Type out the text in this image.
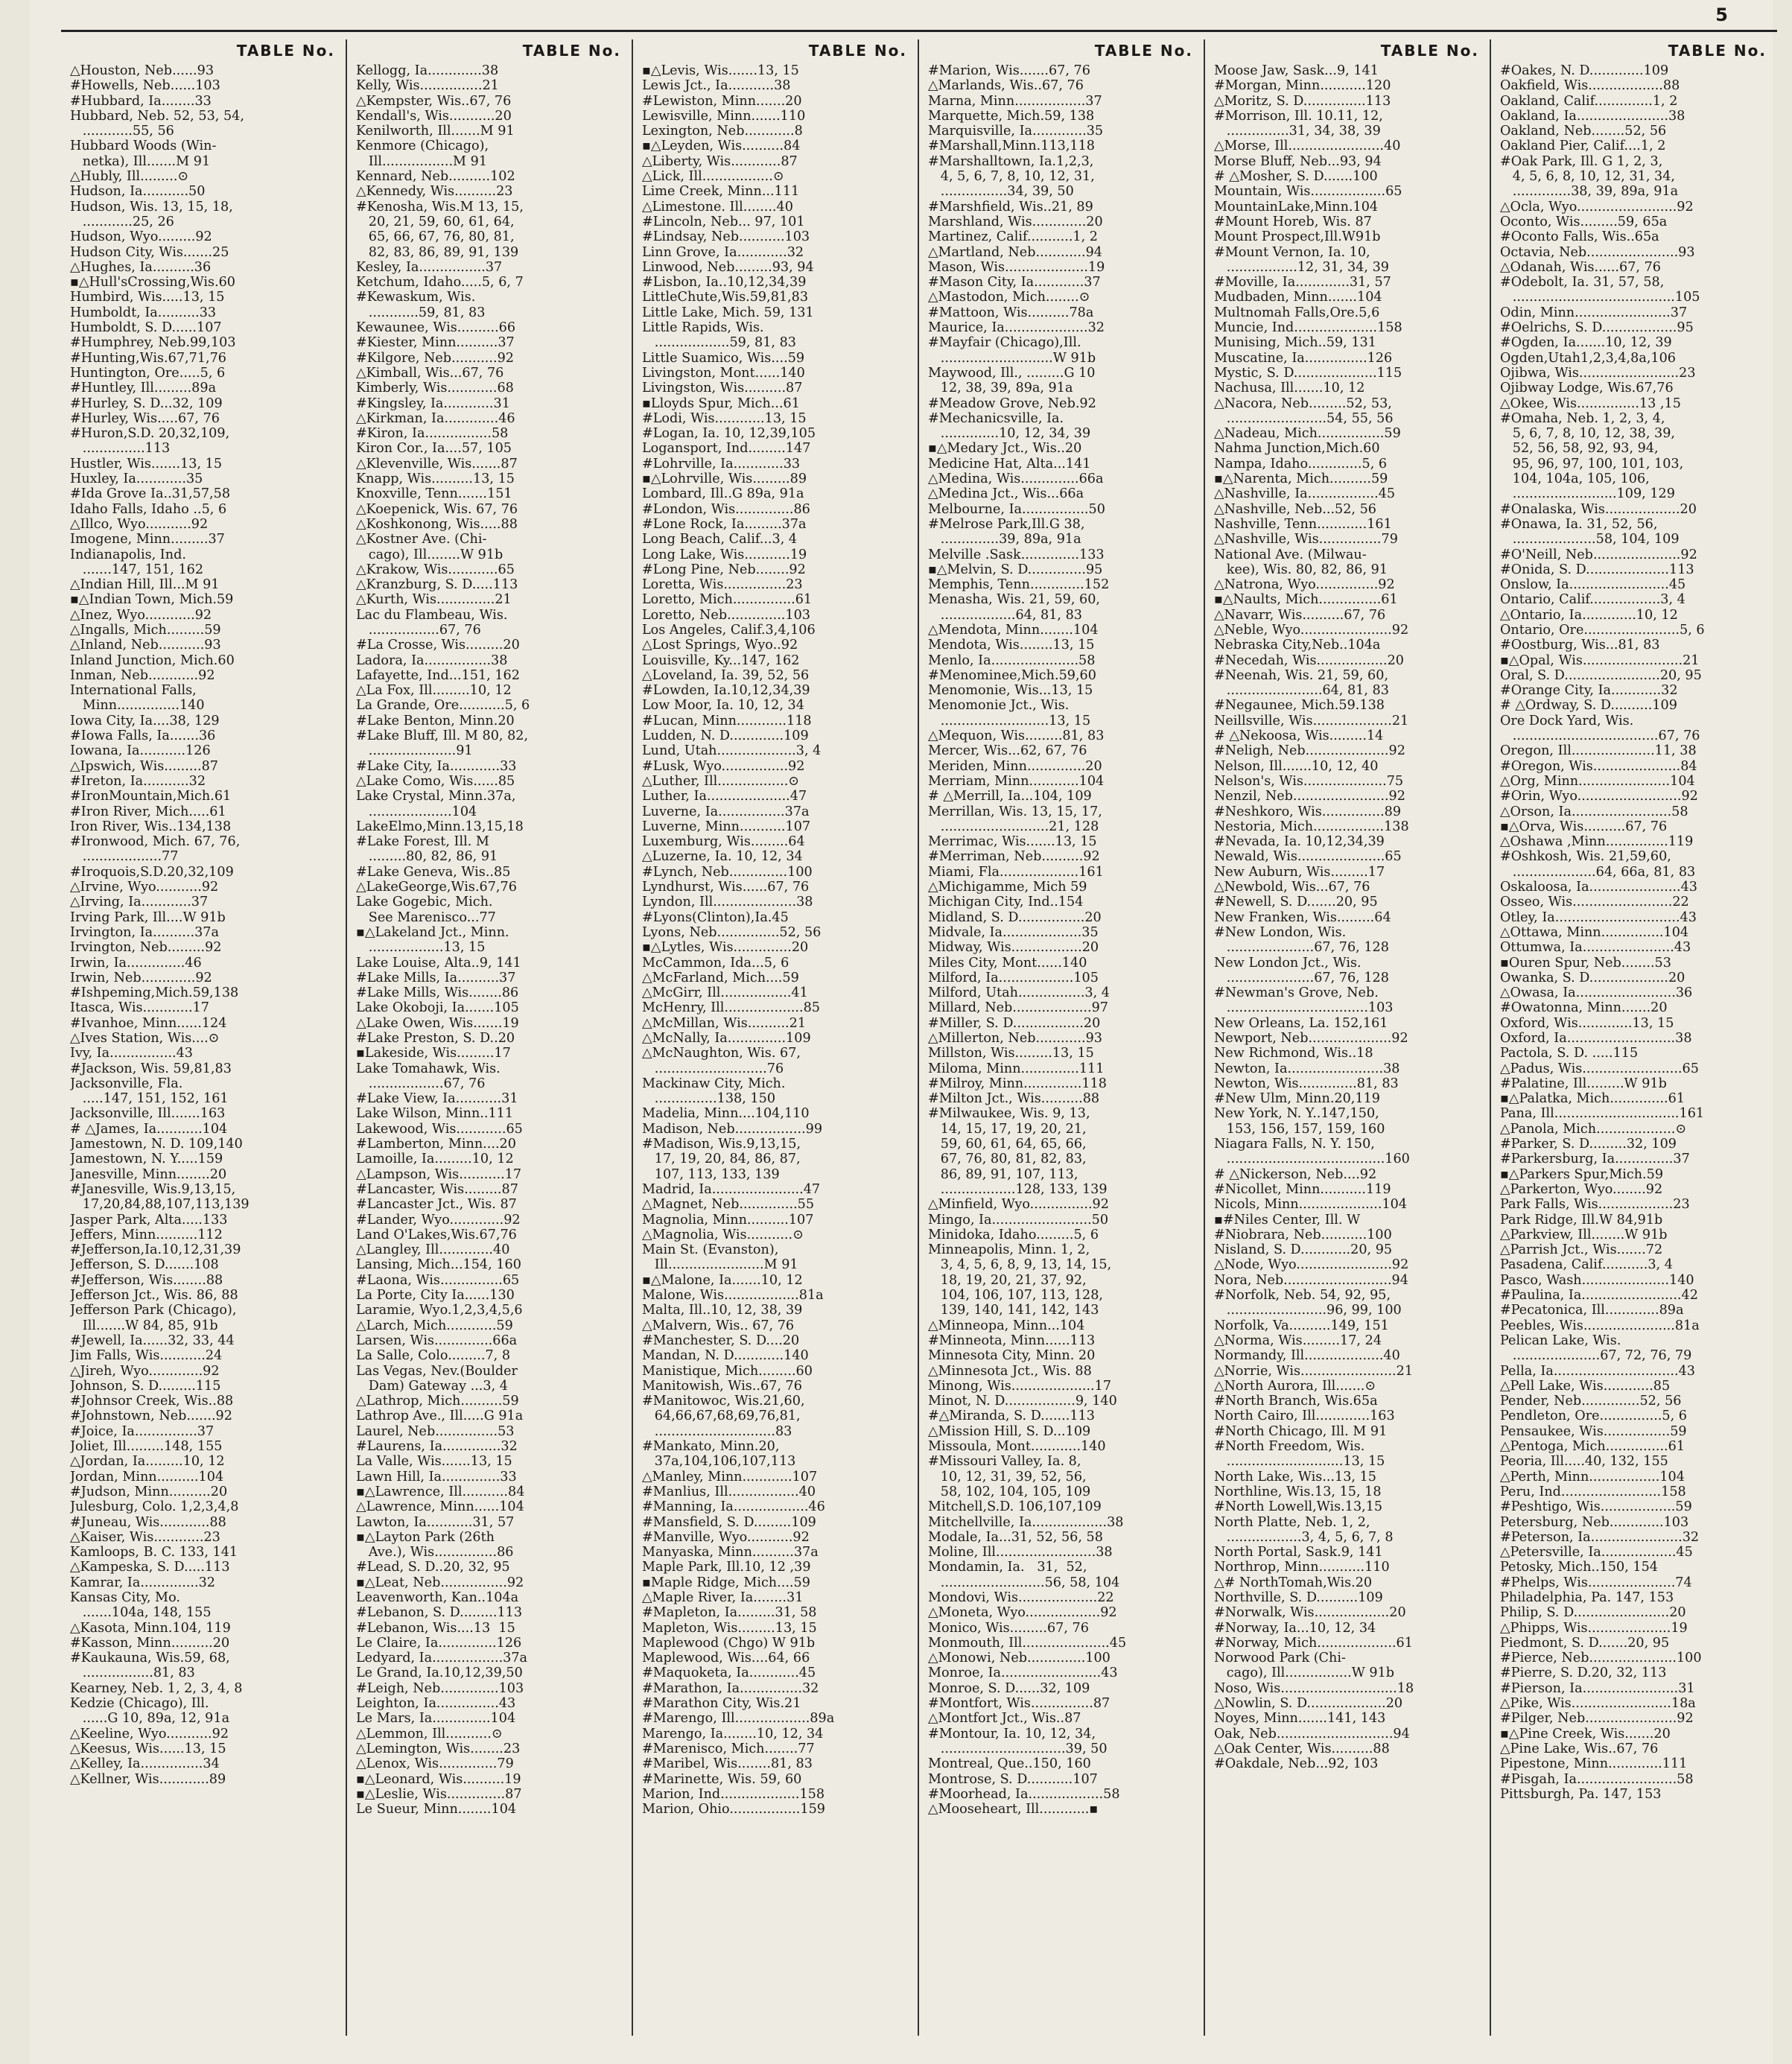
5
TABLE No.
△Houston, Neb......93
#Howells, Neb......103
#Hubbard, Ia........33
Hubbard, Neb. 52, 53, 54,
............55, 56
Hubbard Woods (Win-
netka), Ill.......M 91
△Hubly, Ill.........⊙
Hudson, Ia...........50
Hudson, Wis. 13, 15, 18,
............25, 26
Hudson, Wyo.........92
Hudson City, Wis.......25
△Hughes, Ia..........36
▪△Hull'sCrossing,Wis.60
Humbird, Wis.....13, 15
Humboldt, Ia..........33
Humboldt, S. D......107
#Humphrey, Neb.99,103
#Hunting,Wis.67,71,76
Huntington, Ore.....5, 6
#Huntley, Ill.........89a
#Hurley, S. D...32, 109
#Hurley, Wis.....67, 76
#Huron,S.D. 20,32,109,
...............113
Hustler, Wis.......13, 15
Huxley, Ia............35
#Ida Grove Ia..31,57,58
Idaho Falls, Idaho ..5, 6
△Illco, Wyo...........92
Imogene, Minn.........37
Indianapolis, Ind.
.......147, 151, 162
△Indian Hill, Ill...M 91
▪△Indian Town, Mich.59
△Inez, Wyo............92
△Ingalls, Mich.........59
△Inland, Neb...........93
Inland Junction, Mich.60
Inman, Neb............92
International Falls,
Minn...............140
Iowa City, Ia....38, 129
#Iowa Falls, Ia.......36
Iowana, Ia...........126
△Ipswich, Wis.........87
#Ireton, Ia...........32
#IronMountain,Mich.61
#Iron River, Mich.....61
Iron River, Wis..134,138
#Ironwood, Mich. 67, 76,
...................77
#Iroquois,S.D.20,32,109
△Irvine, Wyo...........92
△Irving, Ia............37
Irving Park, Ill....W 91b
Irvington, Ia..........37a
Irvington, Neb.........92
Irwin, Ia..............46
Irwin, Neb.............92
#Ishpeming,Mich.59,138
Itasca, Wis............17
#Ivanhoe, Minn......124
△Ives Station, Wis....⊙
Ivy, Ia................43
#Jackson, Wis. 59,81,83
Jacksonville, Fla.
.....147, 151, 152, 161
Jacksonville, Ill.......163
# △James, Ia...........104
Jamestown, N. D. 109,140
Jamestown, N. Y.....159
Janesville, Minn........20
#Janesville, Wis.9,13,15,
17,20,84,88,107,113,139
Jasper Park, Alta.....133
Jeffers, Minn..........112
#Jefferson,Ia.10,12,31,39
Jefferson, S. D.......108
#Jefferson, Wis........88
Jefferson Jct., Wis. 86, 88
Jefferson Park (Chicago),
Ill.......W 84, 85, 91b
#Jewell, Ia......32, 33, 44
Jim Falls, Wis...........24
△Jireh, Wyo.............92
Johnson, S. D.........115
#Johnsor Creek, Wis..88
#Johnstown, Neb.......92
#Joice, Ia...............37
Joliet, Ill.........148, 155
△Jordan, Ia.........10, 12
Jordan, Minn..........104
#Judson, Minn..........20
Julesburg, Colo. 1,2,3,4,8
#Juneau, Wis............88
△Kaiser, Wis............23
Kamloops, B. C. 133, 141
△Kampeska, S. D.....113
Kamrar, Ia..............32
Kansas City, Mo.
.......104a, 148, 155
△Kasota, Minn.104, 119
#Kasson, Minn..........20
#Kaukauna, Wis.59, 68,
.................81, 83
Kearney, Neb. 1, 2, 3, 4, 8
Kedzie (Chicago), Ill.
......G 10, 89a, 12, 91a
△Keeline, Wyo...........92
△Keesus, Wis......13, 15
△Kelley, Ia...............34
△Kellner, Wis............89
TABLE No.
Kellogg, Ia.............38
Kelly, Wis...............21
△Kempster, Wis..67, 76
Kendall's, Wis...........20
Kenilworth, Ill.......M 91
Kenmore (Chicago),
Ill.................M 91
Kennard, Neb..........102
△Kennedy, Wis..........23
#Kenosha, Wis.M 13, 15,
20, 21, 59, 60, 61, 64,
65, 66, 67, 76, 80, 81,
82, 83, 86, 89, 91, 139
Kesley, Ia................37
Ketchum, Idaho.....5, 6, 7
#Kewaskum, Wis.
............59, 81, 83
Kewaunee, Wis..........66
#Kiester, Minn..........37
#Kilgore, Neb...........92
△Kimball, Wis...67, 76
Kimberly, Wis............68
#Kingsley, Ia............31
△Kirkman, Ia.............46
#Kiron, Ia................58
Kiron Cor., Ia....57, 105
△Klevenville, Wis.......87
Knapp, Wis..........13, 15
Knoxville, Tenn.......151
△Koepenick, Wis. 67, 76
△Koshkonong, Wis.....88
△Kostner Ave. (Chi-
cago), Ill........W 91b
△Krakow, Wis............65
△Kranzburg, S. D.....113
△Kurth, Wis..............21
Lac du Flambeau, Wis.
.................67, 76
#La Crosse, Wis.........20
Ladora, Ia................38
Lafayette, Ind...151, 162
△La Fox, Ill.........10, 12
La Grande, Ore...........5, 6
#Lake Benton, Minn.20
#Lake Bluff, Ill. M 80, 82,
.....................91
#Lake City, Ia............33
△Lake Como, Wis......85
Lake Crystal, Minn.37a,
....................104
LakeElmo,Minn.13,15,18
#Lake Forest, Ill. M
.........80, 82, 86, 91
#Lake Geneva, Wis..85
△LakeGeorge,Wis.67,76
Lake Gogebic, Mich.
See Marenisco...77
▪△Lakeland Jct., Minn.
..................13, 15
Lake Louise, Alta..9, 141
#Lake Mills, Ia..........37
#Lake Mills, Wis........86
Lake Okoboji, Ia.......105
△Lake Owen, Wis.......19
#Lake Preston, S. D..20
▪Lakeside, Wis.........17
Lake Tomahawk, Wis.
..................67, 76
#Lake View, Ia...........31
Lake Wilson, Minn..111
Lakewood, Wis............65
#Lamberton, Minn....20
Lamoille, Ia.........10, 12
△Lampson, Wis...........17
#Lancaster, Wis.........87
#Lancaster Jct., Wis. 87
#Lander, Wyo.............92
Land O'Lakes,Wis.67,76
△Langley, Ill.............40
Lansing, Mich...154, 160
#Laona, Wis...............65
La Porte, City Ia......130
Laramie, Wyo.1,2,3,4,5,6
△Larch, Mich............59
Larsen, Wis..............66a
La Salle, Colo.........7, 8
Las Vegas, Nev.(Boulder
Dam) Gateway ...3, 4
△Lathrop, Mich..........59
Lathrop Ave., Ill.....G 91a
Laurel, Neb...............53
#Laurens, Ia..............32
La Valle, Wis.......13, 15
Lawn Hill, Ia..............33
▪△Lawrence, Ill...........84
△Lawrence, Minn......104
Lawton, Ia...........31, 57
▪△Layton Park (26th
Ave.), Wis...............86
#Lead, S. D..20, 32, 95
▪△Leat, Neb................92
Leavenworth, Kan..104a
#Lebanon, S. D.........113
#Lebanon, Wis....13  15
Le Claire, Ia..............126
Ledyard, Ia.................37a
Le Grand, Ia.10,12,39,50
#Leigh, Neb..............103
Leighton, Ia...............43
Le Mars, Ia..............104
△Lemmon, Ill...........⊙
△Lemington, Wis........23
△Lenox, Wis..............79
▪△Leonard, Wis..........19
▪△Leslie, Wis..............87
Le Sueur, Minn........104
TABLE No.
▪△Levis, Wis.......13, 15
Lewis Jct., Ia...........38
#Lewiston, Minn.......20
Lewisville, Minn.......110
Lexington, Neb............8
▪△Leyden, Wis..........84
△Liberty, Wis............87
△Lick, Ill.................⊙
Lime Creek, Minn...111
△Limestone. Ill........40
#Lincoln, Neb... 97, 101
#Lindsay, Neb...........103
Linn Grove, Ia............32
Linwood, Neb.........93, 94
#Lisbon, Ia..10,12,34,39
LittleChute,Wis.59,81,83
Little Lake, Mich. 59, 131
Little Rapids, Wis.
..................59, 81, 83
Little Suamico, Wis....59
Livingston, Mont......140
Livingston, Wis..........87
▪Lloyds Spur, Mich...61
#Lodi, Wis............13, 15
#Logan, Ia. 10, 12,39,105
Logansport, Ind.........147
#Lohrville, Ia............33
▪△Lohrville, Wis.........89
Lombard, Ill..G 89a, 91a
#London, Wis..............86
#Lone Rock, Ia.........37a
Long Beach, Calif...3, 4
Long Lake, Wis...........19
#Long Pine, Neb........92
Loretta, Wis...............23
Loretto, Mich...............61
Loretto, Neb..............103
Los Angeles, Calif.3,4,106
△Lost Springs, Wyo..92
Louisville, Ky...147, 162
△Loveland, Ia. 39, 52, 56
#Lowden, Ia.10,12,34,39
Low Moor, Ia. 10, 12, 34
#Lucan, Minn............118
Ludden, N. D.............109
Lund, Utah...................3, 4
#Lusk, Wyo................92
△Luther, Ill.................⊙
Luther, Ia....................47
Luverne, Ia................37a
Luverne, Minn...........107
Luxemburg, Wis.........64
△Luzerne, Ia. 10, 12, 34
#Lynch, Neb..............100
Lyndhurst, Wis......67, 76
Lyndon, Ill....................38
#Lyons(Clinton),Ia.45
Lyons, Neb...............52, 56
▪△Lytles, Wis..............20
McCammon, Ida...5, 6
△McFarland, Mich....59
△McGirr, Ill.................41
McHenry, Ill...................85
△McMillan, Wis..........21
△McNally, Ia..............109
△McNaughton, Wis. 67,
...........................76
Mackinaw City, Mich.
...............138, 150
Madelia, Minn....104,110
Madison, Neb.................99
#Madison, Wis.9,13,15,
17, 19, 20, 84, 86, 87,
107, 113, 133, 139
Madrid, Ia......................47
△Magnet, Neb..............55
Magnolia, Minn..........107
△Magnolia, Wis...........⊙
Main St. (Evanston),
Ill.......................M 91
▪△Malone, Ia.......10, 12
Malone, Wis..................81a
Malta, Ill..10, 12, 38, 39
△Malvern, Wis.. 67, 76
#Manchester, S. D....20
Mandan, N. D............140
Manistique, Mich.........60
Manitowish, Wis..67, 76
#Manitowoc, Wis.21,60,
64,66,67,68,69,76,81,
.............................83
#Mankato, Minn.20,
37a,104,106,107,113
△Manley, Minn............107
#Manlius, Ill.................40
#Manning, Ia..................46
#Mansfield, S. D.........109
#Manville, Wyo...........92
Manyaska, Minn..........37a
Maple Park, Ill.10, 12 ,39
▪Maple Ridge, Mich....59
△Maple River, Ia........31
#Mapleton, Ia.........31, 58
Mapleton, Wis.........13, 15
Maplewood (Chgo) W 91b
Maplewood, Wis....64, 66
#Maquoketa, Ia............45
#Marathon, Ia...............32
#Marathon City, Wis.21
#Marengo, Ill..................89a
Marengo, Ia........10, 12, 34
#Marenisco, Mich........77
#Maribel, Wis........81, 83
#Marinette, Wis. 59, 60
Marion, Ind...................158
Marion, Ohio.................159
TABLE No.
#Marion, Wis.......67, 76
△Marlands, Wis..67, 76
Marna, Minn.................37
Marquette, Mich.59, 138
Marquisville, Ia.............35
#Marshall,Minn.113,118
#Marshalltown, Ia.1,2,3,
4, 5, 6, 7, 8, 10, 12, 31,
................34, 39, 50
#Marshfield, Wis..21, 89
Marshland, Wis.............20
Martinez, Calif...........1, 2
△Martland, Neb............94
Mason, Wis....................19
#Mason City, Ia............37
△Mastodon, Mich........⊙
#Mattoon, Wis..........78a
Maurice, Ia....................32
#Mayfair (Chicago),Ill.
...........................W 91b
Maywood, Ill., .........G 10
12, 38, 39, 89a, 91a
#Meadow Grove, Neb.92
#Mechanicsville, Ia.
..............10, 12, 34, 39
▪△Medary Jct., Wis..20
Medicine Hat, Alta...141
△Medina, Wis..............66a
△Medina Jct., Wis...66a
Melbourne, Ia................50
#Melrose Park,Ill.G 38,
..............39, 89a, 91a
Melville .Sask..............133
▪△Melvin, S. D..............95
Memphis, Tenn.............152
Menasha, Wis. 21, 59, 60,
..................64, 81, 83
△Mendota, Minn........104
Mendota, Wis........13, 15
Menlo, Ia.....................58
#Menominee,Mich.59,60
Menomonie, Wis...13, 15
Menomonie Jct., Wis.
..........................13, 15
△Mequon, Wis.........81, 83
Mercer, Wis...62, 67, 76
Meriden, Minn..............20
Merriam, Minn............104
# △Merrill, Ia...104, 109
Merrillan, Wis. 13, 15, 17,
..........................21, 128
Merrimac, Wis.......13, 15
#Merriman, Neb..........92
Miami, Fla...................161
△Michigamme, Mich 59
Michigan City, Ind..154
Midland, S. D................20
Midvale, Ia...................35
Midway, Wis.................20
Miles City, Mont......140
Milford, Ia..................105
Milford, Utah................3, 4
Millard, Neb...................97
#Miller, S. D.................20
△Millerton, Neb............93
Millston, Wis.........13, 15
Miloma, Minn..............111
#Milroy, Minn..............118
#Milton Jct., Wis..........88
#Milwaukee, Wis. 9, 13,
14, 15, 17, 19, 20, 21,
59, 60, 61, 64, 65, 66,
67, 76, 80, 81, 82, 83,
86, 89, 91, 107, 113,
..................128, 133, 139
△Minfield, Wyo...............92
Mingo, Ia........................50
Minidoka, Idaho.........5, 6
Minneapolis, Minn. 1, 2,
3, 4, 5, 6, 8, 9, 13, 14, 15,
18, 19, 20, 21, 37, 92,
104, 106, 107, 113, 128,
139, 140, 141, 142, 143
△Minneopa, Minn...104
#Minneota, Minn......113
Minnesota City, Minn. 20
△Minnesota Jct., Wis. 88
Minong, Wis....................17
Minot, N. D.................9, 140
#△Miranda, S. D.......113
△Mission Hill, S. D...109
Missoula, Mont............140
#Missouri Valley, Ia. 8,
10, 12, 31, 39, 52, 56,
58, 102, 104, 105, 109
Mitchell,S.D. 106,107,109
Mitchellville, Ia..................38
Modale, Ia...31, 52, 56, 58
Moline, Ill........................38
Mondamin, Ia.   31,  52,
.........................56, 58, 104
Mondovi, Wis...................22
△Moneta, Wyo..................92
Monico, Wis.........67, 76
Monmouth, Ill.....................45
△Monowi, Neb..............100
Monroe, Ia........................43
Monroe, S. D......32, 109
#Montfort, Wis...............87
△Montfort Jct., Wis..87
#Montour, Ia. 10, 12, 34,
..............................39, 50
Montreal, Que..150, 160
Montrose, S. D...........107
#Moorhead, Ia..................58
△Mooseheart, Ill............▪
TABLE No.
Moose Jaw, Sask...9, 141
#Morgan, Minn...........120
△Moritz, S. D...............113
#Morrison, Ill. 10.11, 12,
...............31, 34, 38, 39
△Morse, Ill.......................40
Morse Bluff, Neb...93, 94
# △Mosher, S. D.......100
Mountain, Wis..................65
MountainLake,Minn.104
#Mount Horeb, Wis. 87
Mount Prospect,Ill.W91b
#Mount Vernon, Ia. 10,
.................12, 31, 34, 39
#Moville, Ia.............31, 57
Mudbaden, Minn.......104
Multnomah Falls,Ore.5,6
Muncie, Ind....................158
Munising, Mich..59, 131
Muscatine, Ia...............126
Mystic, S. D....................115
Nachusa, Ill.......10, 12
△Nacora, Neb.........52, 53,
........................54, 55, 56
△Nadeau, Mich................59
Nahma Junction,Mich.60
Nampa, Idaho.............5, 6
▪△Narenta, Mich..........59
△Nashville, Ia.................45
△Nashville, Neb...52, 56
Nashville, Tenn............161
△Nashville, Wis...............79
National Ave. (Milwau-
kee), Wis. 80, 82, 86, 91
△Natrona, Wyo...............92
▪△Naults, Mich...............61
△Navarr, Wis..........67, 76
△Neble, Wyo......................92
Nebraska City,Neb..104a
#Necedah, Wis.................20
#Neenah, Wis. 21, 59, 60,
.......................64, 81, 83
#Negaunee, Mich.59.138
Neillsville, Wis...................21
# △Nekoosa, Wis.........14
#Neligh, Neb....................92
Nelson, Ill.......10, 12, 40
Nelson's, Wis....................75
Nenzil, Neb.......................92
#Neshkoro, Wis...............89
Nestoria, Mich.................138
#Nevada, Ia. 10,12,34,39
Newald, Wis.....................65
New Auburn, Wis.........17
△Newbold, Wis...67, 76
#Newell, S. D.......20, 95
New Franken, Wis.........64
#New London, Wis.
.....................67, 76, 128
New London Jct., Wis.
.....................67, 76, 128
#Newman's Grove, Neb.
..................................103
New Orleans, La. 152,161
Newport, Neb....................92
New Richmond, Wis..18
Newton, Ia.......................38
Newton, Wis..............81, 83
#New Ulm, Minn.20,119
New York, N. Y..147,150,
153, 156, 157, 159, 160
Niagara Falls, N. Y. 150,
......................................160
# △Nickerson, Neb....92
#Nicollet, Minn...........119
Nicols, Minn....................104
▪#Niles Center, Ill. W
#Niobrara, Neb...........100
Nisland, S. D............20, 95
△Node, Wyo.......................92
Nora, Neb..........................94
#Norfolk, Neb. 54, 92, 95,
........................96, 99, 100
Norfolk, Va..........149, 151
△Norma, Wis.........17, 24
Normandy, Ill...................40
△Norrie, Wis.......................21
△North Aurora, Ill.......⊙
#North Branch, Wis.65a
North Cairo, Ill.............163
#North Chicago, Ill. M 91
#North Freedom, Wis.
............................13, 15
North Lake, Wis...13, 15
Northline, Wis.13, 15, 18
#North Lowell,Wis.13,15
North Platte, Neb. 1, 2,
..................3, 4, 5, 6, 7, 8
North Portal, Sask.9, 141
Northrop, Minn...........110
△# NorthTomah,Wis.20
Northville, S. D..........109
#Norwalk, Wis..................20
#Norway, Ia...10, 12, 34
#Norway, Mich...................61
Norwood Park (Chi-
cago), Ill................W 91b
Noso, Wis............................18
△Nowlin, S. D...................20
Noyes, Minn.......141, 143
Oak, Neb............................94
△Oak Center, Wis..........88
#Oakdale, Neb...92, 103
TABLE No.
#Oakes, N. D.............109
Oakfield, Wis..................88
Oakland, Calif..............1, 2
Oakland, Ia......................38
Oakland, Neb........52, 56
Oakland Pier, Calif....1, 2
#Oak Park, Ill. G 1, 2, 3,
4, 5, 6, 8, 10, 12, 31, 34,
..............38, 39, 89a, 91a
△Ocla, Wyo........................92
Oconto, Wis.........59, 65a
#Oconto Falls, Wis..65a
Octavia, Neb......................93
△Odanah, Wis......67, 76
#Odebolt, Ia. 31, 57, 58,
.......................................105
Odin, Minn.......................37
#Oelrichs, S. D..................95
#Ogden, Ia.......10, 12, 39
Ogden,Utah1,2,3,4,8a,106
Ojibwa, Wis........................23
Ojibway Lodge, Wis.67,76
△Okee, Wis...............13 ,15
#Omaha, Neb. 1, 2, 3, 4,
5, 6, 7, 8, 10, 12, 38, 39,
52, 56, 58, 92, 93, 94,
95, 96, 97, 100, 101, 103,
104, 104a, 105, 106,
.........................109, 129
#Onalaska, Wis..................20
#Onawa, Ia. 31, 52, 56,
....................58, 104, 109
#O'Neill, Neb.....................92
#Onida, S. D....................113
Onslow, Ia........................45
Ontario, Calif.................3, 4
△Ontario, Ia.............10, 12
Ontario, Ore.......................5, 6
#Oostburg, Wis...81, 83
▪△Opal, Wis........................21
Oral, S. D.......................20, 95
#Orange City, Ia............32
# △Ordway, S. D..........109
Ore Dock Yard, Wis.
...................................67, 76
Oregon, Ill....................11, 38
#Oregon, Wis.....................84
△Org, Minn......................104
#Orin, Wyo.........................92
△Orson, Ia........................58
▪△Orva, Wis..........67, 76
△Oshawa ,Minn...............119
#Oshkosh, Wis. 21,59,60,
....................64, 66a, 81, 83
Oskaloosa, Ia......................43
Osseo, Wis........................22
Otley, Ia..............................43
△Ottawa, Minn...............104
Ottumwa, Ia......................43
▪Ouren Spur, Neb........53
Owanka, S. D...................20
△Owasa, Ia........................36
#Owatonna, Minn.......20
Oxford, Wis.............13, 15
Oxford, Ia..........................38
Pactola, S. D. .....115
△Padus, Wis........................65
#Palatine, Ill.........W 91b
▪△Palatka, Mich..............61
Pana, Ill..............................161
△Panola, Mich...................⊙
#Parker, S. D.........32, 109
#Parkersburg, Ia..............37
▪△Parkers Spur,Mich.59
△Parkerton, Wyo........92
Park Falls, Wis..................23
Park Ridge, Ill.W 84,91b
△Parkview, Ill........W 91b
△Parrish Jct., Wis.......72
Pasadena, Calif...........3, 4
Pasco, Wash.....................140
#Paulina, Ia........................42
#Pecatonica, Ill.............89a
Peebles, Wis......................81a
Pelican Lake, Wis.
.....................67, 72, 76, 79
Pella, Ia..............................43
△Pell Lake, Wis............85
Pender, Neb..............52, 56
Pendleton, Ore...............5, 6
Pensaukee, Wis................59
△Pentoga, Mich...............61
Peoria, Ill.....40, 132, 155
△Perth, Minn.................104
Peru, Ind........................158
#Peshtigo, Wis..................59
Petersburg, Neb.............103
#Peterson, Ia......................32
△Petersville, Ia..................45
Petosky, Mich..150, 154
#Phelps, Wis.....................74
Philadelphia, Pa. 147, 153
Philip, S. D.......................20
△Phipps, Wis....................19
Piedmont, S. D.......20, 95
#Pierce, Neb.....................100
#Pierre, S. D.20, 32, 113
#Pierson, Ia.......................31
△Pike, Wis........................18a
#Pilger, Neb......................92
▪△Pine Creek, Wis.......20
△Pine Lake, Wis..67, 76
Pipestone, Minn.............111
#Pisgah, Ia........................58
Pittsburgh, Pa. 147, 153
